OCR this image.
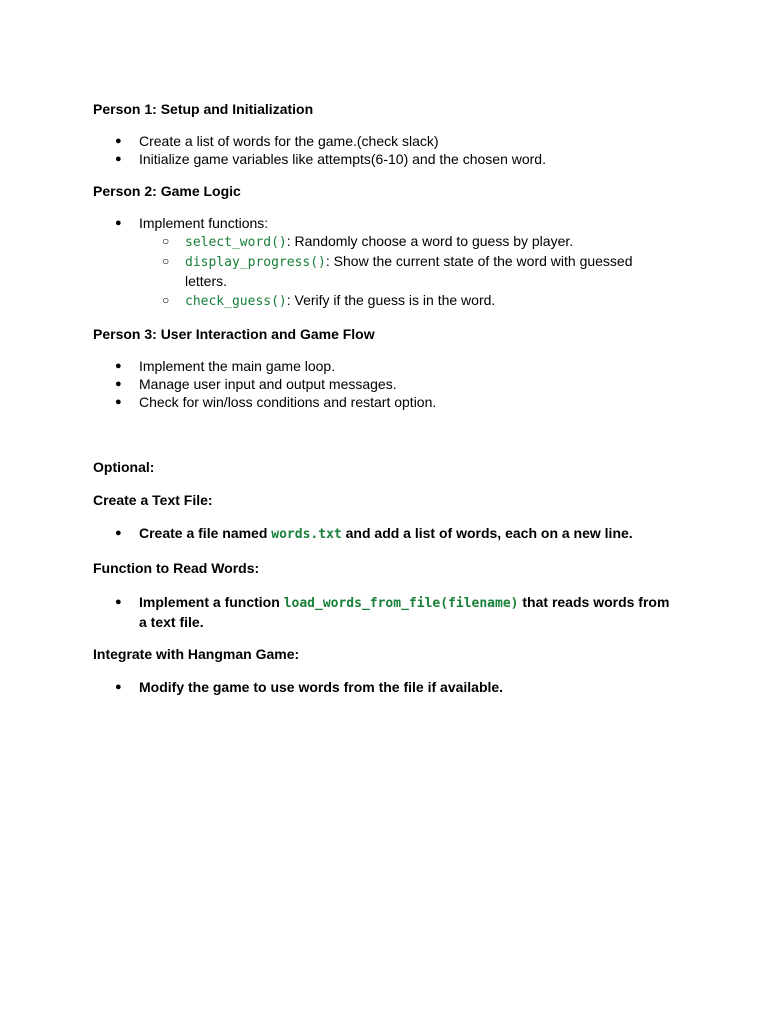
Person 1: Setup and Initialization
● Create a list of words for the game.(check slack)
● Initialize game variables like attempts(6-10) and the chosen word.
Person 2: Game Logic
● Implement functions:
○ select_word(): Randomly choose a word to guess by player.
○ display_progress(): Show the current state of the word with guessed letters.
○ check_guess(): Verify if the guess is in the word.
Person 3: User Interaction and Game Flow
● Implement the main game loop.
● Manage user input and output messages.
● Check for win/loss conditions and restart option.
Optional:
Create a Text File:
● Create a file named words.txt and add a list of words, each on a new line.
Function to Read Words:
● Implement a function load_words_from_file(filename) that reads words from a text file.
Integrate with Hangman Game:
● Modify the game to use words from the file if available.
